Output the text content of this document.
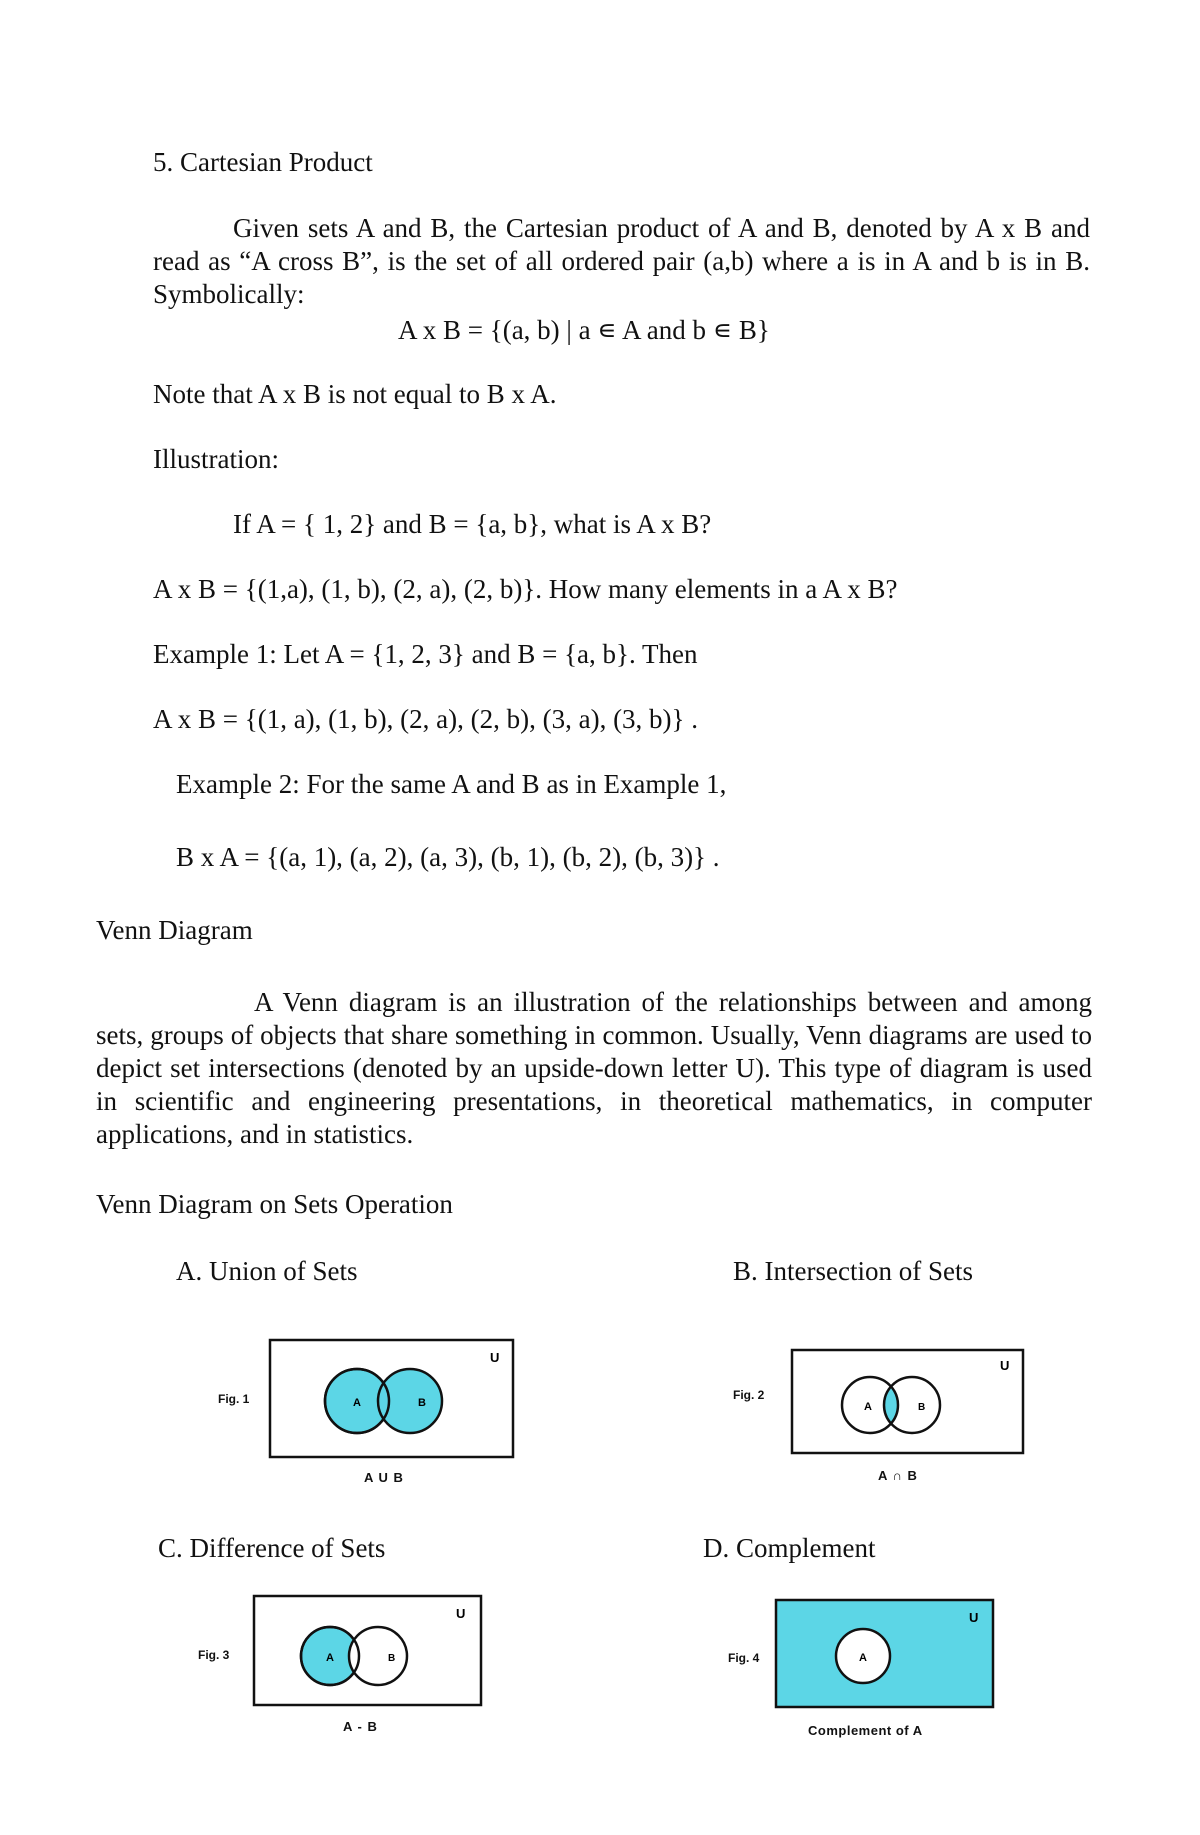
5. Cartesian Product
Given sets A and B, the Cartesian product of A and B, denoted by A x B and read as “A cross B”, is the set of all ordered pair (a,b) where a is in A and b is in B. Symbolically:
A x B = {(a, b) | a ∊ A and b ∊ B}
Note that A x B is not equal to B x A.
Illustration:
If A = { 1, 2} and B = {a, b}, what is A x B?
A x B = {(1,a), (1, b), (2, a), (2, b)}. How many elements in a A x B?
Example 1: Let A = {1, 2, 3} and B = {a, b}. Then
A x B = {(1, a), (1, b), (2, a), (2, b), (3, a), (3, b)} .
Example 2: For the same A and B as in Example 1,
B x A = {(a, 1), (a, 2), (a, 3), (b, 1), (b, 2), (b, 3)} .
Venn Diagram
A Venn diagram is an illustration of the relationships between and among sets, groups of objects that share something in common. Usually, Venn diagrams are used to depict set intersections (denoted by an upside-down letter U). This type of diagram is used in scientific and engineering presentations, in theoretical mathematics, in computer applications, and in statistics.
Venn Diagram on Sets Operation
A. Union of Sets	B. Intersection of Sets
C. Difference of Sets	D. Complement
Fig. 1
U
A	B
A U B
Fig. 2
U
A	B
A ∩ B
Fig. 3
U
A	B
A - B
Fig. 4
U
A
Complement of A
